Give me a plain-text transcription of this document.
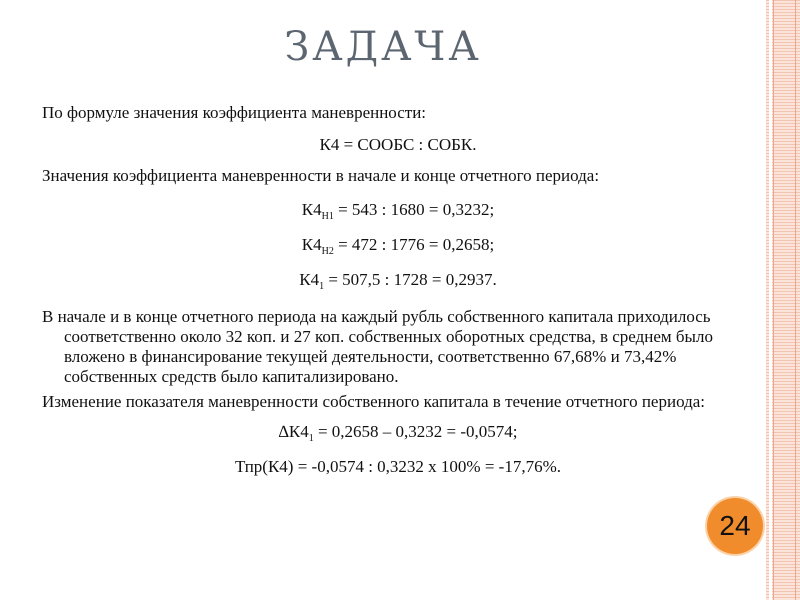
ЗАДАЧА

По формуле значения коэффициента маневренности:

К4 = СООБС : СОБК.

Значения коэффициента маневренности в начале и конце отчетного периода:

$К4_{Н1} = 543$ : 1680 = 0,3232;

$К4_{Н2} = 472$ : 1776 = 0,2658;

$К4_1 = 507,5$ : 1728 = 0,2937.

В начале и в конце отчетного периода на каждый рубль собственного капитала приходилось соответственно около 32 коп. и 27 коп. собственных оборотных средства, в среднем было вложено в финансирование текущей деятельности, соответственно 67,68% и 73,42% собственных средств было капитализировано.

Изменение показателя маневренности собственного капитала в течение отчетного периода:

$\Delta К4_1 = 0,2658 - 0,3232 = -0,0574$;

Тпр(К4) = -0,0574 : 0,3232 х 100% = -17,76%.

24
